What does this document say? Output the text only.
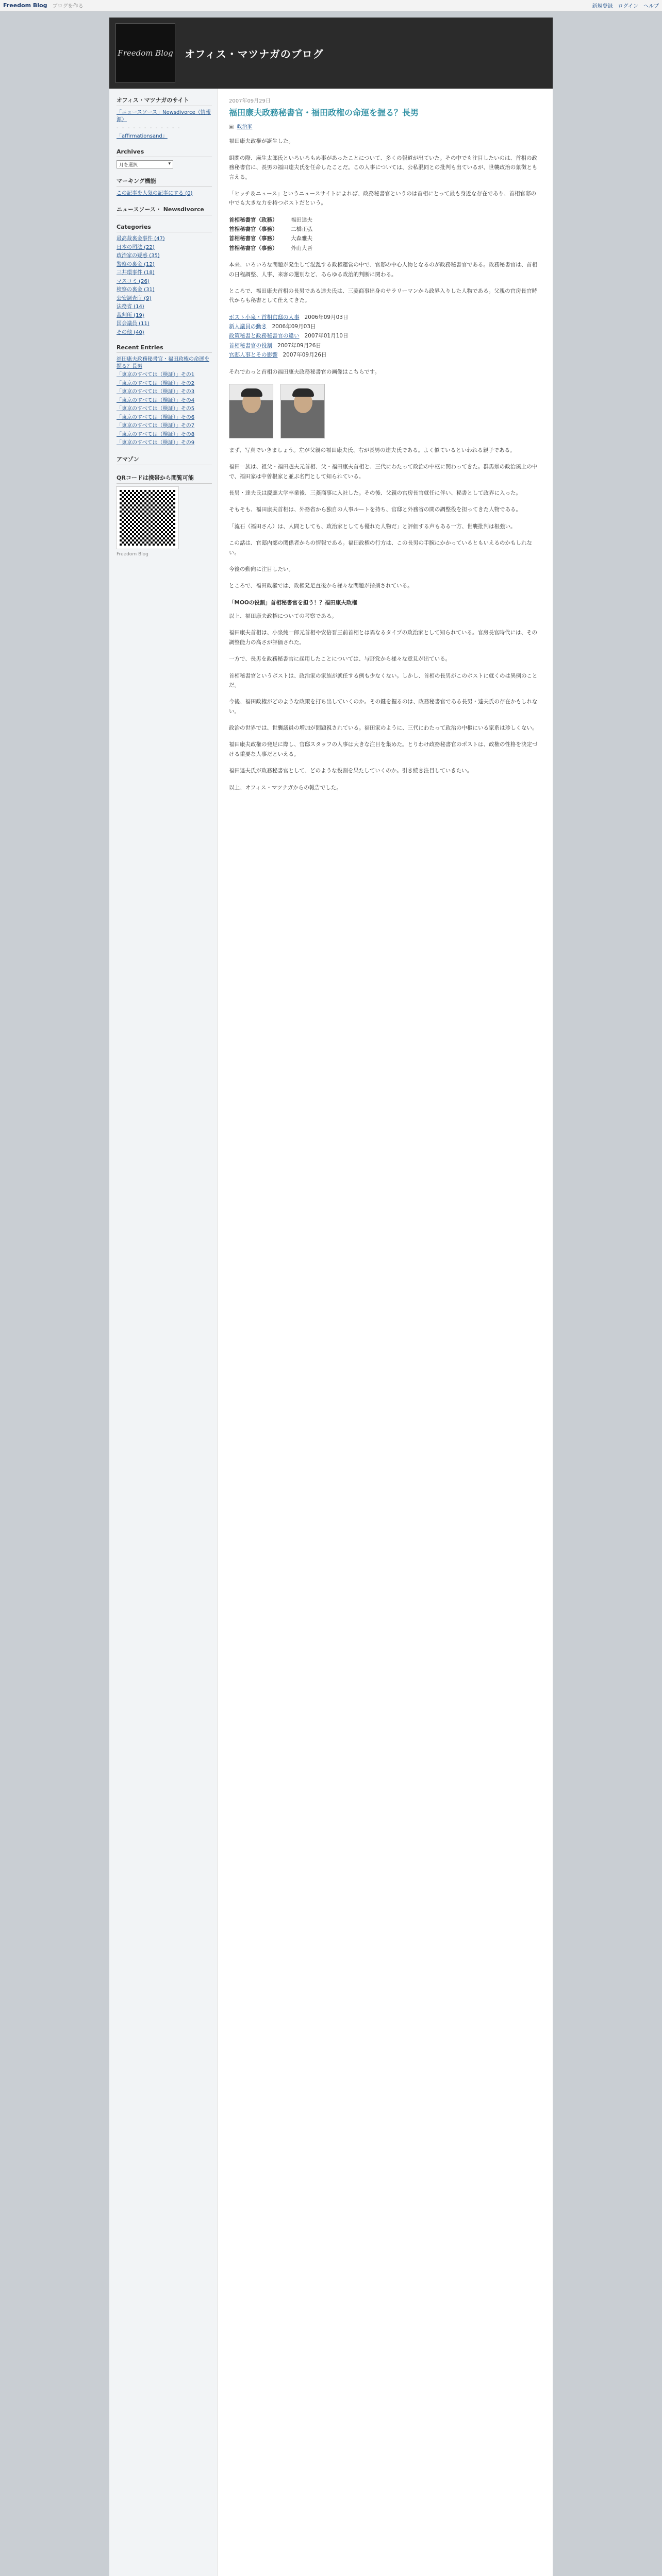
Freedom Blog ブログを作る	新規登録 ログイン ヘルプ
Freedom Blog オフィス・マツナガのブログ
オフィス・マツナガのサイト
「ニュースソース」Newsdivorce（情報源）
- - - - - - - - - - - -
「affirmationsand」
Archives
月を選択	▾
マーキング機能
この記事を人気の記事にする (0)
ニュースソース・ Newsdivorce
Categories
最高裁裏金事件 (47)
日本の司法 (22)
政治家の疑惑 (35)
警察の裏金 (12)
三井環事件 (18)
マスコミ (26)
検察の裏金 (31)
公安調査庁 (9)
法務省 (14)
裁判所 (19)
国会議員 (11)
その他 (40)
Recent Entries
福田康夫政務秘書官・福田政権の命運を握る？長男
「東京のすべては（検証）」その1
「東京のすべては（検証）」その2
「東京のすべては（検証）」その3
「東京のすべては（検証）」その4
「東京のすべては（検証）」その5
「東京のすべては（検証）」その6
「東京のすべては（検証）」その7
「東京のすべては（検証）」その8
「東京のすべては（検証）」その9
アマゾン
QRコードは携帯から閲覧可能
Freedom Blog
2007年09月29日
福田康夫政務秘書官・福田政権の命運を握る？長男
▣ 政治家

福田康夫政権が誕生した。

組閣の際、麻生太郎氏といろいろもめ事があったことについて、多くの報道が出ていた。その中でも注目したいのは、首相の政務秘書官に、長男の福田達夫氏を任命したことだ。この人事については、公私混同との批判も出ているが、世襲政治の象徴とも言える。

「ヒッチ＆ニュース」というニュースサイトによれば、政務秘書官というのは首相にとって最も身近な存在であり、首相官邸の中でも大きな力を持つポストだという。

首相秘書官（政務）	福田達夫
首相秘書官（事務）	二橋正弘
首相秘書官（事務）	大森雅夫
首相秘書官（事務）	外山大吾

本来、いろいろな問題が発生して混乱する政権運営の中で、官邸の中心人物となるのが政務秘書官である。政務秘書官は、首相の日程調整、人事、来客の選別など、あらゆる政治的判断に関わる。

ところで、福田康夫首相の長男である達夫氏は、三菱商事出身のサラリーマンから政界入りした人物である。父親の官房長官時代からも秘書として仕えてきた。

ボスト小泉・首相官邸の人事 2006年09月03日
新人議員の動き 2006年09月03日
政策秘書と政務秘書官の違い 2007年01月10日
首相秘書官の役割 2007年09月26日
官邸人事とその影響 2007年09月26日

それでわっと首相の福田康夫政務秘書官の画像はこちらです。

まず、写真でいきましょう。左が父親の福田康夫氏、右が長男の達夫氏である。よく似ているといわれる親子である。

福田一族は、祖父・福田赳夫元首相、父・福田康夫首相と、三代にわたって政治の中枢に関わってきた。群馬県の政治風土の中で、福田家は中曽根家と並ぶ名門として知られている。

長男・達夫氏は慶應大学卒業後、三菱商事に入社した。その後、父親の官房長官就任に伴い、秘書として政界に入った。

そもそも、福田康夫首相は、外務省から独自の人事ルートを持ち、官邸と外務省の間の調整役を担ってきた人物である。

「流石（福田さん）は、人間としても、政治家としても優れた人物だ」と評価する声もある一方、世襲批判は根強い。

この話は、官邸内部の関係者からの情報である。福田政権の行方は、この長男の手腕にかかっているともいえるのかもしれない。

今後の動向に注目したい。

ところで、福田政権では、政権発足直後から様々な問題が指摘されている。

「MOOの役割」首相秘書官を担う！？福田康夫政権

以上、福田康夫政権についての考察である。

福田康夫首相は、小泉純一郎元首相や安倍晋三前首相とは異なるタイプの政治家として知られている。官房長官時代には、その調整能力の高さが評価された。

一方で、長男を政務秘書官に起用したことについては、与野党から様々な意見が出ている。

首相秘書官というポストは、政治家の家族が就任する例も少なくない。しかし、首相の長男がこのポストに就くのは異例のことだ。

今後、福田政権がどのような政策を打ち出していくのか。その鍵を握るのは、政務秘書官である長男・達夫氏の存在かもしれない。

政治の世界では、世襲議員の増加が問題視されている。福田家のように、三代にわたって政治の中枢にいる家系は珍しくない。

福田康夫政権の発足に際し、官邸スタッフの人事は大きな注目を集めた。とりわけ政務秘書官のポストは、政権の性格を決定づける重要な人事だといえる。

福田達夫氏が政務秘書官として、どのような役割を果たしていくのか。引き続き注目していきたい。

以上、オフィス・マツナガからの報告でした。
